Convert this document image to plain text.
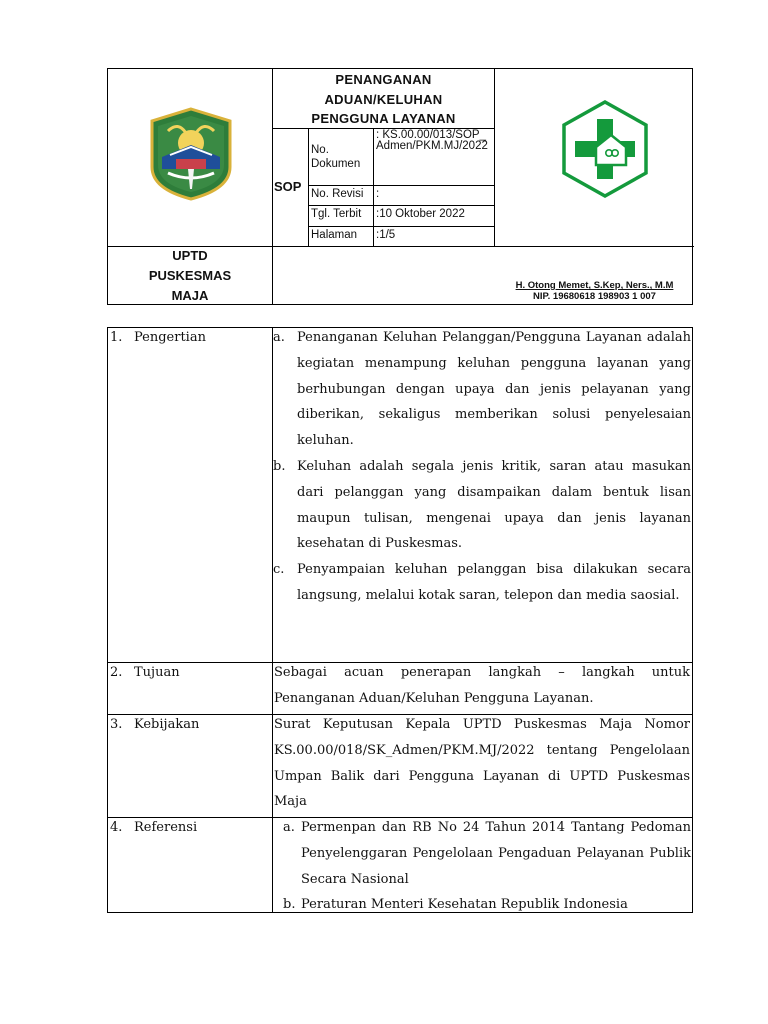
PENANGANAN
ADUAN/KELUHAN
PENGGUNA LAYANAN
SOP
No. Dokumen
: KS.00.00/013/SOP_Admen/PKM.MJ/2022
No. Revisi :
Tgl. Terbit :10 Oktober 2022
Halaman :1/5
UPTD
PUSKESMAS
MAJA
H. Otong Memet, S.Kep, Ners., M.M
NIP. 19680618 198903 1 007
1. Pengertian	a. Penanganan Keluhan Pelanggan/Pengguna Layanan adalah kegiatan menampung keluhan pengguna layanan yang berhubungan dengan upaya dan jenis pelayanan yang diberikan, sekaligus memberikan solusi penyelesaian keluhan.
b. Keluhan adalah segala jenis kritik, saran atau masukan dari pelanggan yang disampaikan dalam bentuk lisan maupun tulisan, mengenai upaya dan jenis layanan kesehatan di Puskesmas.
c. Penyampaian keluhan pelanggan bisa dilakukan secara langsung, melalui kotak saran, telepon dan media saosial.
2. Tujuan	Sebagai acuan penerapan langkah – langkah untuk Penanganan Aduan/Keluhan Pengguna Layanan.
3. Kebijakan	Surat Keputusan Kepala UPTD Puskesmas Maja Nomor KS.00.00/018/SK_Admen/PKM.MJ/2022 tentang Pengelolaan Umpan Balik dari Pengguna Layanan di UPTD Puskesmas Maja
4. Referensi	a. Permenpan dan RB No 24 Tahun 2014 Tantang Pedoman Penyelenggaran Pengelolaan Pengaduan Pelayanan Publik Secara Nasional
b. Peraturan Menteri Kesehatan Republik Indonesia
